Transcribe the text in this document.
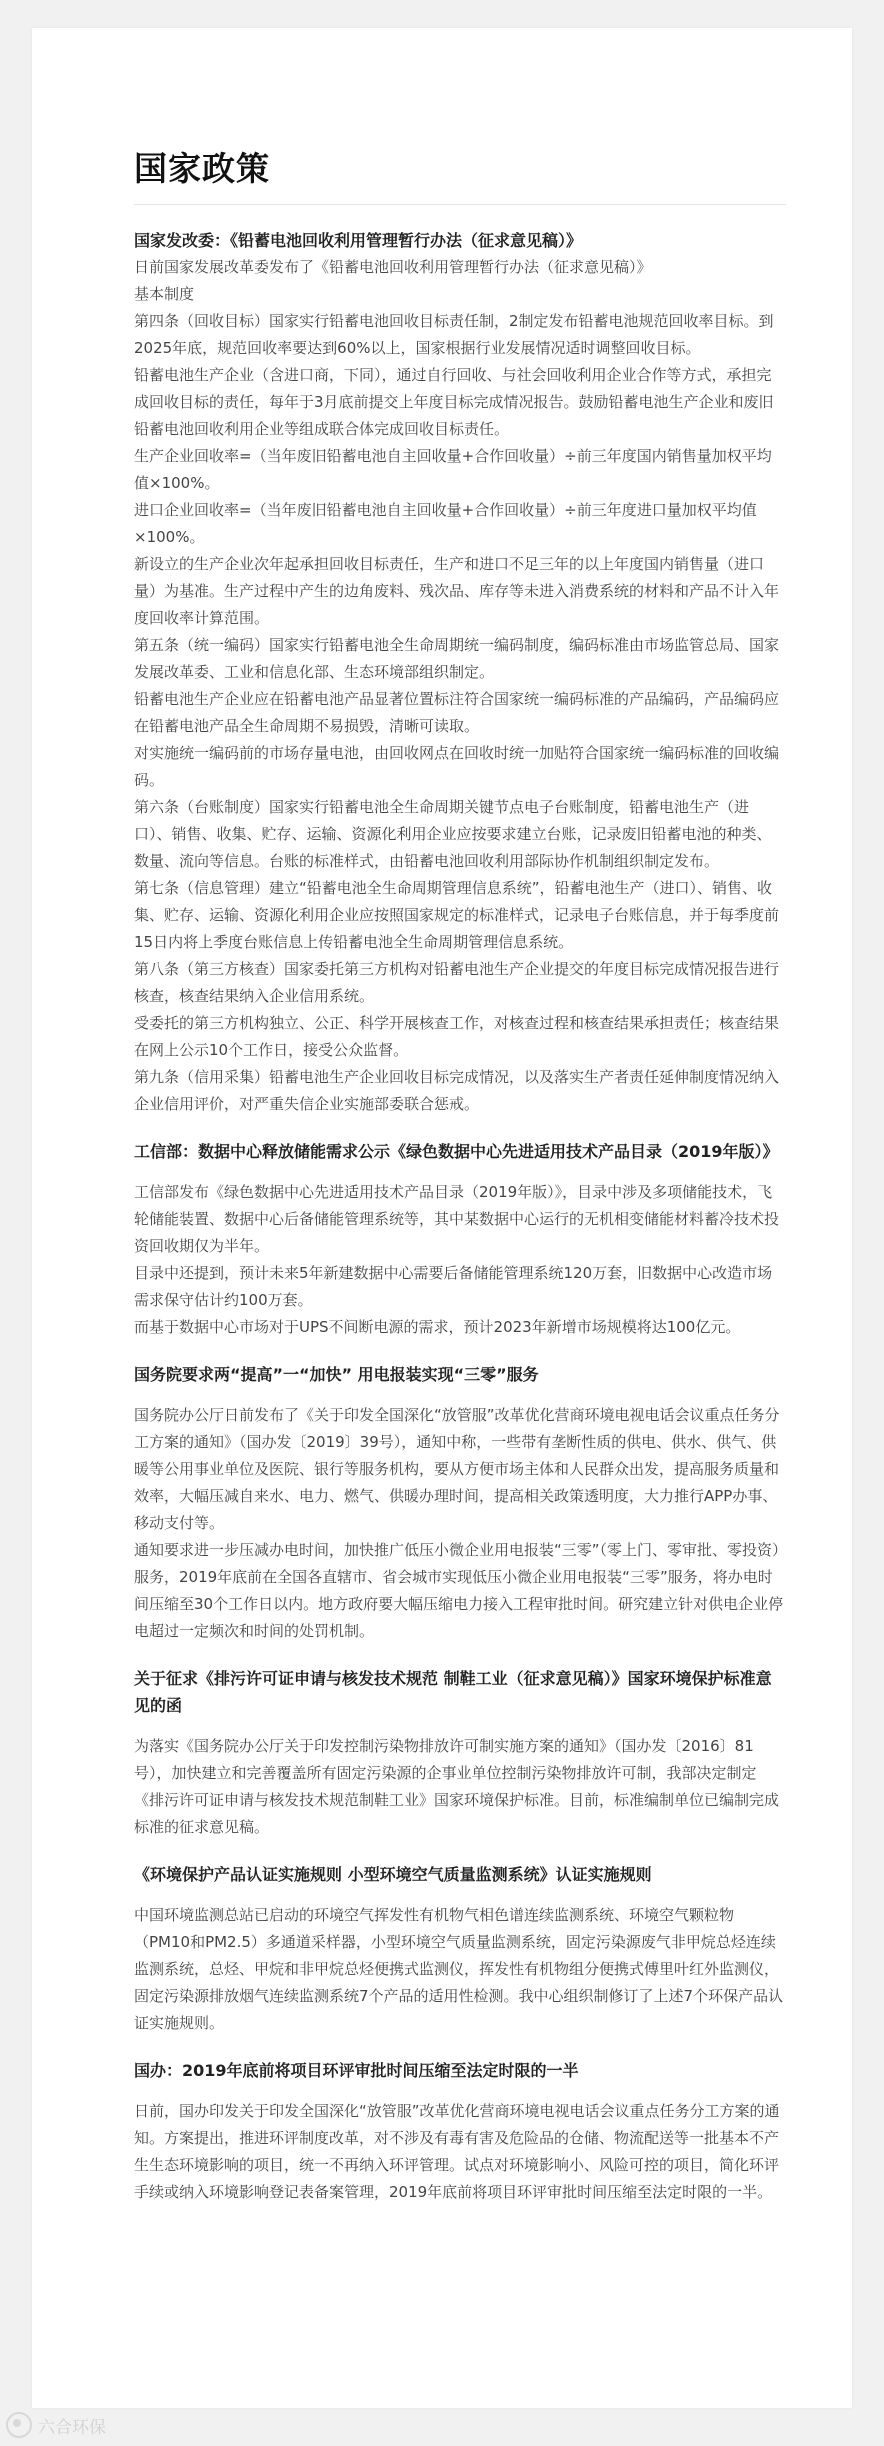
国家政策

国家发改委：《铅蓄电池回收利用管理暂行办法（征求意见稿）》

日前国家发展改革委发布了《铅蓄电池回收利用管理暂行办法（征求意见稿）》

基本制度

第四条（回收目标）国家实行铅蓄电池回收目标责任制，2制定发布铅蓄电池规范回收率目标。到2025年底，规范回收率要达到60%以上，国家根据行业发展情况适时调整回收目标。

铅蓄电池生产企业（含进口商，下同），通过自行回收、与社会回收利用企业合作等方式，承担完成回收目标的责任，每年于3月底前提交上年度目标完成情况报告。鼓励铅蓄电池生产企业和废旧铅蓄电池回收利用企业等组成联合体完成回收目标责任。

生产企业回收率=（当年废旧铅蓄电池自主回收量+合作回收量）÷前三年度国内销售量加权平均值×100%。

进口企业回收率=（当年废旧铅蓄电池自主回收量+合作回收量）÷前三年度进口量加权平均值×100%。

新设立的生产企业次年起承担回收目标责任，生产和进口不足三年的以上年度国内销售量（进口量）为基准。生产过程中产生的边角废料、残次品、库存等未进入消费系统的材料和产品不计入年度回收率计算范围。

第五条（统一编码）国家实行铅蓄电池全生命周期统一编码制度，编码标准由市场监管总局、国家发展改革委、工业和信息化部、生态环境部组织制定。

铅蓄电池生产企业应在铅蓄电池产品显著位置标注符合国家统一编码标准的产品编码，产品编码应在铅蓄电池产品全生命周期不易损毁，清晰可读取。

对实施统一编码前的市场存量电池，由回收网点在回收时统一加贴符合国家统一编码标准的回收编码。

第六条（台账制度）国家实行铅蓄电池全生命周期关键节点电子台账制度，铅蓄电池生产（进口）、销售、收集、贮存、运输、资源化利用企业应按要求建立台账，记录废旧铅蓄电池的种类、数量、流向等信息。台账的标准样式，由铅蓄电池回收利用部际协作机制组织制定发布。

第七条（信息管理）建立“铅蓄电池全生命周期管理信息系统”，铅蓄电池生产（进口）、销售、收集、贮存、运输、资源化利用企业应按照国家规定的标准样式，记录电子台账信息，并于每季度前15日内将上季度台账信息上传铅蓄电池全生命周期管理信息系统。

第八条（第三方核查）国家委托第三方机构对铅蓄电池生产企业提交的年度目标完成情况报告进行核查，核查结果纳入企业信用系统。

受委托的第三方机构独立、公正、科学开展核查工作，对核查过程和核查结果承担责任；核查结果在网上公示10个工作日，接受公众监督。

第九条（信用采集）铅蓄电池生产企业回收目标完成情况，以及落实生产者责任延伸制度情况纳入企业信用评价，对严重失信企业实施部委联合惩戒。

工信部：数据中心释放储能需求公示《绿色数据中心先进适用技术产品目录（2019年版）》

工信部发布《绿色数据中心先进适用技术产品目录（2019年版）》，目录中涉及多项储能技术，飞轮储能装置、数据中心后备储能管理系统等，其中某数据中心运行的无机相变储能材料蓄冷技术投资回收期仅为半年。

目录中还提到，预计未来5年新建数据中心需要后备储能管理系统120万套，旧数据中心改造市场需求保守估计约100万套。

而基于数据中心市场对于UPS不间断电源的需求，预计2023年新增市场规模将达100亿元。

国务院要求两“提高”一“加快” 用电报装实现“三零”服务

国务院办公厅日前发布了《关于印发全国深化“放管服”改革优化营商环境电视电话会议重点任务分工方案的通知》（国办发〔2019〕39号），通知中称，一些带有垄断性质的供电、供水、供气、供暖等公用事业单位及医院、银行等服务机构，要从方便市场主体和人民群众出发，提高服务质量和效率，大幅压减自来水、电力、燃气、供暖办理时间，提高相关政策透明度，大力推行APP办事、移动支付等。

通知要求进一步压减办电时间，加快推广低压小微企业用电报装“三零”（零上门、零审批、零投资）服务，2019年底前在全国各直辖市、省会城市实现低压小微企业用电报装“三零”服务，将办电时间压缩至30个工作日以内。地方政府要大幅压缩电力接入工程审批时间。研究建立针对供电企业停电超过一定频次和时间的处罚机制。

关于征求《排污许可证申请与核发技术规范 制鞋工业（征求意见稿）》国家环境保护标准意见的函

为落实《国务院办公厅关于印发控制污染物排放许可制实施方案的通知》（国办发〔2016〕81号），加快建立和完善覆盖所有固定污染源的企事业单位控制污染物排放许可制，我部决定制定《排污许可证申请与核发技术规范制鞋工业》国家环境保护标准。目前，标准编制单位已编制完成标准的征求意见稿。

《环境保护产品认证实施规则 小型环境空气质量监测系统》认证实施规则

中国环境监测总站已启动的环境空气挥发性有机物气相色谱连续监测系统、环境空气颗粒物（PM10和PM2.5）多通道采样器，小型环境空气质量监测系统，固定污染源废气非甲烷总烃连续监测系统，总烃、甲烷和非甲烷总烃便携式监测仪，挥发性有机物组分便携式傅里叶红外监测仪，固定污染源排放烟气连续监测系统7个产品的适用性检测。我中心组织制修订了上述7个环保产品认证实施规则。

国办：2019年底前将项目环评审批时间压缩至法定时限的一半

日前，国办印发关于印发全国深化“放管服”改革优化营商环境电视电话会议重点任务分工方案的通知。方案提出，推进环评制度改革，对不涉及有毒有害及危险品的仓储、物流配送等一批基本不产生生态环境影响的项目，统一不再纳入环评管理。试点对环境影响小、风险可控的项目，简化环评手续或纳入环境影响登记表备案管理，2019年底前将项目环评审批时间压缩至法定时限的一半。

六合环保
